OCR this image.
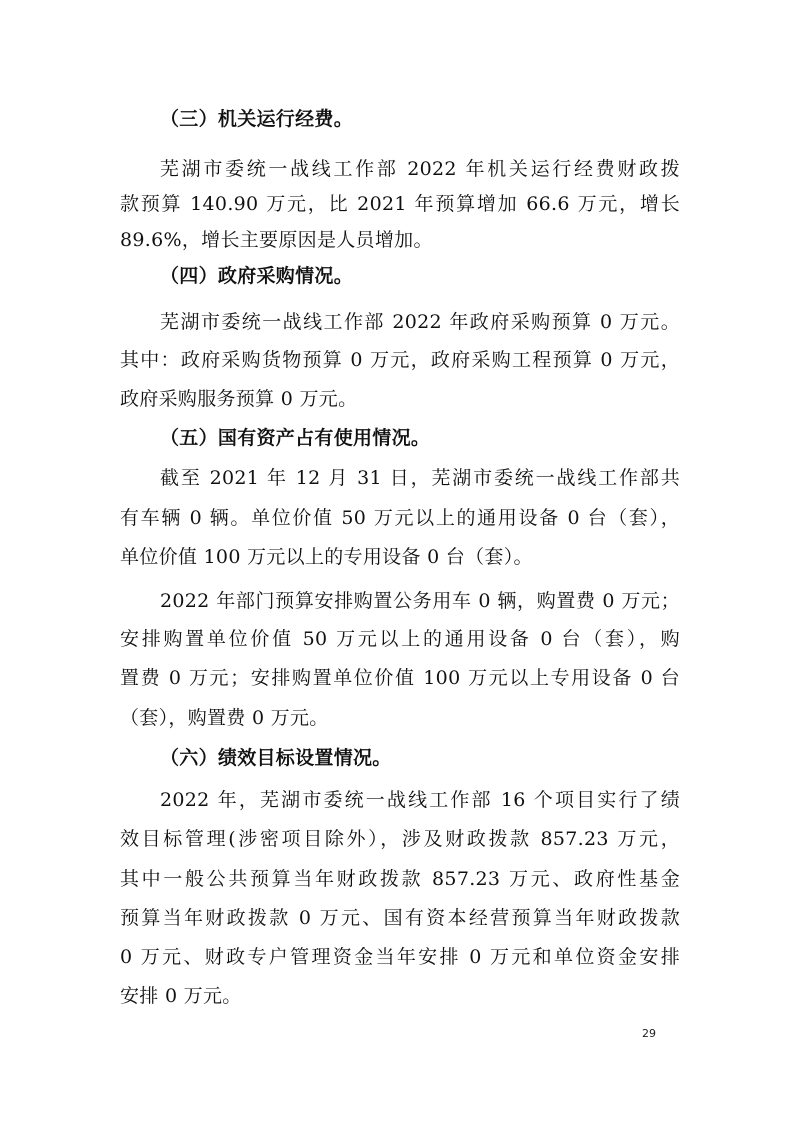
（三）机关运行经费。
芜湖市委统一战线工作部 2022 年机关运行经费财政拨
款预算 140.90 万元，比 2021 年预算增加 66.6 万元，增长
89.6%，增长主要原因是人员增加。
（四）政府采购情况。
芜湖市委统一战线工作部 2022 年政府采购预算 0 万元。
其中：政府采购货物预算 0 万元，政府采购工程预算 0 万元，
政府采购服务预算 0 万元。
（五）国有资产占有使用情况。
截至 2021 年 12 月 31 日，芜湖市委统一战线工作部共
有车辆 0 辆。单位价值 50 万元以上的通用设备 0 台（套），
单位价值 100 万元以上的专用设备 0 台（套）。
2022 年部门预算安排购置公务用车 0 辆，购置费 0 万元；
安排购置单位价值 50 万元以上的通用设备 0 台（套），购
置费 0 万元；安排购置单位价值 100 万元以上专用设备 0 台
（套），购置费 0 万元。
（六）绩效目标设置情况。
2022 年，芜湖市委统一战线工作部 16 个项目实行了绩
效目标管理(涉密项目除外），涉及财政拨款 857.23 万元，
其中一般公共预算当年财政拨款 857.23 万元、政府性基金
预算当年财政拨款 0 万元、国有资本经营预算当年财政拨款
0 万元、财政专户管理资金当年安排 0 万元和单位资金安排
安排 0 万元。
29
